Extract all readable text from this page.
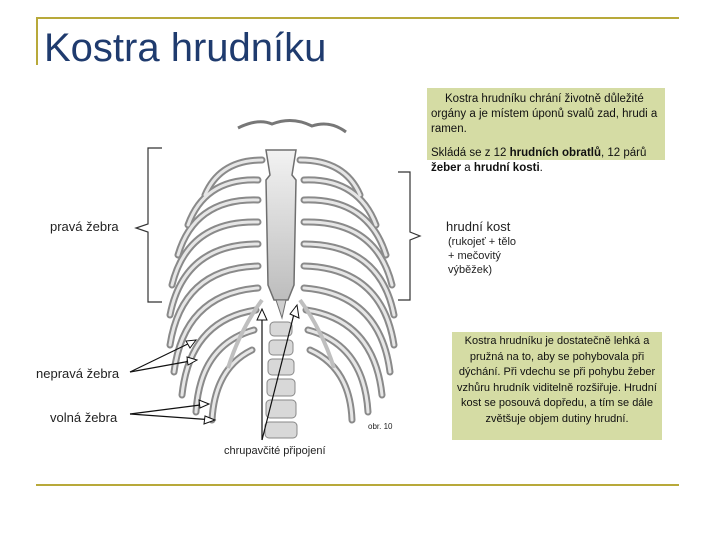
Kostra hrudníku

Kostra hrudníku chrání životně důležité orgány a je místem úponů svalů zad, hrudi a ramen.

Skládá se z 12 hrudních obratlů, 12 párů žeber a hrudní kosti.

Kostra hrudníku je dostatečně lehká a pružná na to, aby se pohybovala při dýchání. Při vdechu se při pohybu žeber vzhůru hrudník viditelně rozšiřuje. Hrudní kost se posouvá dopředu, a tím se dále zvětšuje objem dutiny hrudní.
pravá žebra	hrudní kost
(rukojeť + tělo
+ mečovitý
výběžek)
nepravá žebra
volná žebra
obr. 10
chrupavčité připojení
